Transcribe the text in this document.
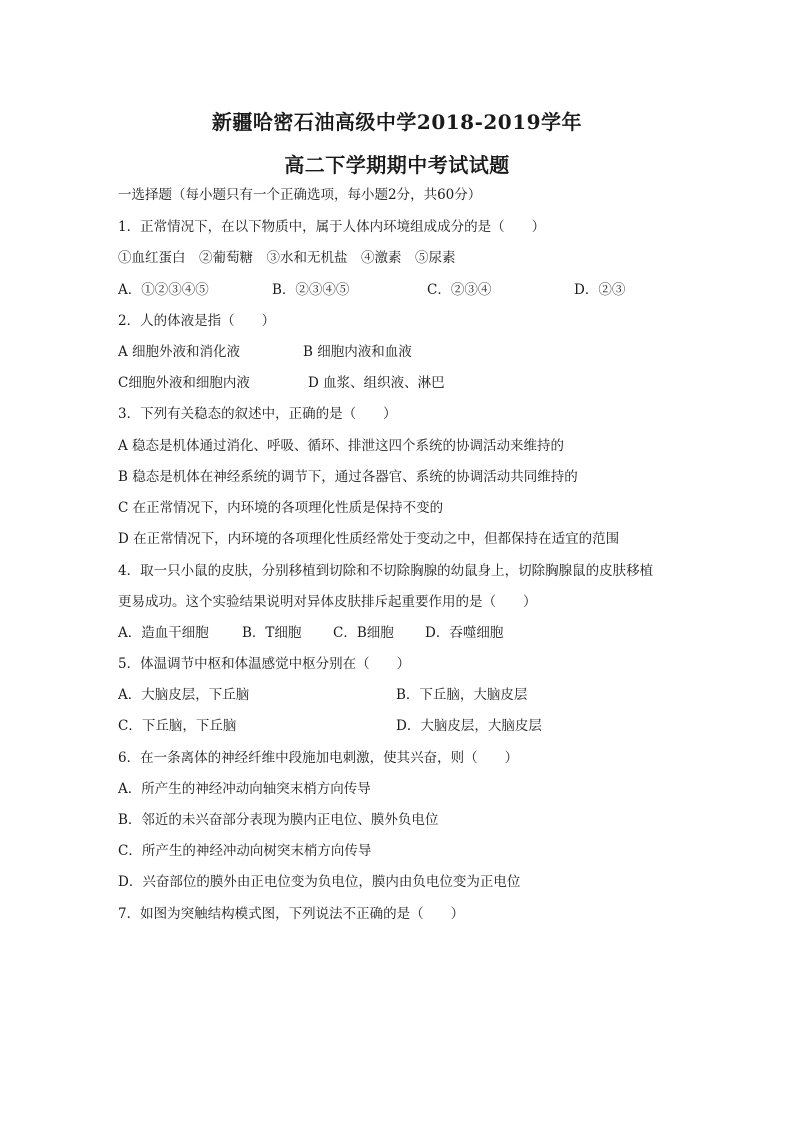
新疆哈密石油高级中学2018-2019学年
高二下学期期中考试试题
一选择题（每小题只有一个正确选项，每小题2分，共60分）
1．正常情况下，在以下物质中，属于人体内环境组成成分的是（　　）
①血红蛋白　②葡萄糖　③水和无机盐　④激素　⑤尿素
A．①②③④⑤	B．②③④⑤	C．②③④	D．②③
2．人的体液是指（　　）
A 细胞外液和消化液	B 细胞内液和血液
C细胞外液和细胞内液	D 血浆、组织液、淋巴
3．下列有关稳态的叙述中，正确的是（　　）
A 稳态是机体通过消化、呼吸、循环、排泄这四个系统的协调活动来维持的
B 稳态是机体在神经系统的调节下，通过各器官、系统的协调活动共同维持的
C 在正常情况下，内环境的各项理化性质是保持不变的
D 在正常情况下，内环境的各项理化性质经常处于变动之中，但都保持在适宜的范围
4．取一只小鼠的皮肤，分别移植到切除和不切除胸腺的幼鼠身上，切除胸腺鼠的皮肤移植
更易成功。这个实验结果说明对异体皮肤排斥起重要作用的是（　　）
A．造血干细胞 B．T细胞 C．B细胞 D．吞噬细胞
5．体温调节中枢和体温感觉中枢分别在（　　）
A．大脑皮层，下丘脑	B．下丘脑，大脑皮层
C．下丘脑，下丘脑	D．大脑皮层，大脑皮层
6．在一条离体的神经纤维中段施加电刺激，使其兴奋，则（　　）
A．所产生的神经冲动向轴突末梢方向传导
B．邻近的未兴奋部分表现为膜内正电位、膜外负电位
C．所产生的神经冲动向树突末梢方向传导
D．兴奋部位的膜外由正电位变为负电位，膜内由负电位变为正电位
7．如图为突触结构模式图，下列说法不正确的是（　　）
